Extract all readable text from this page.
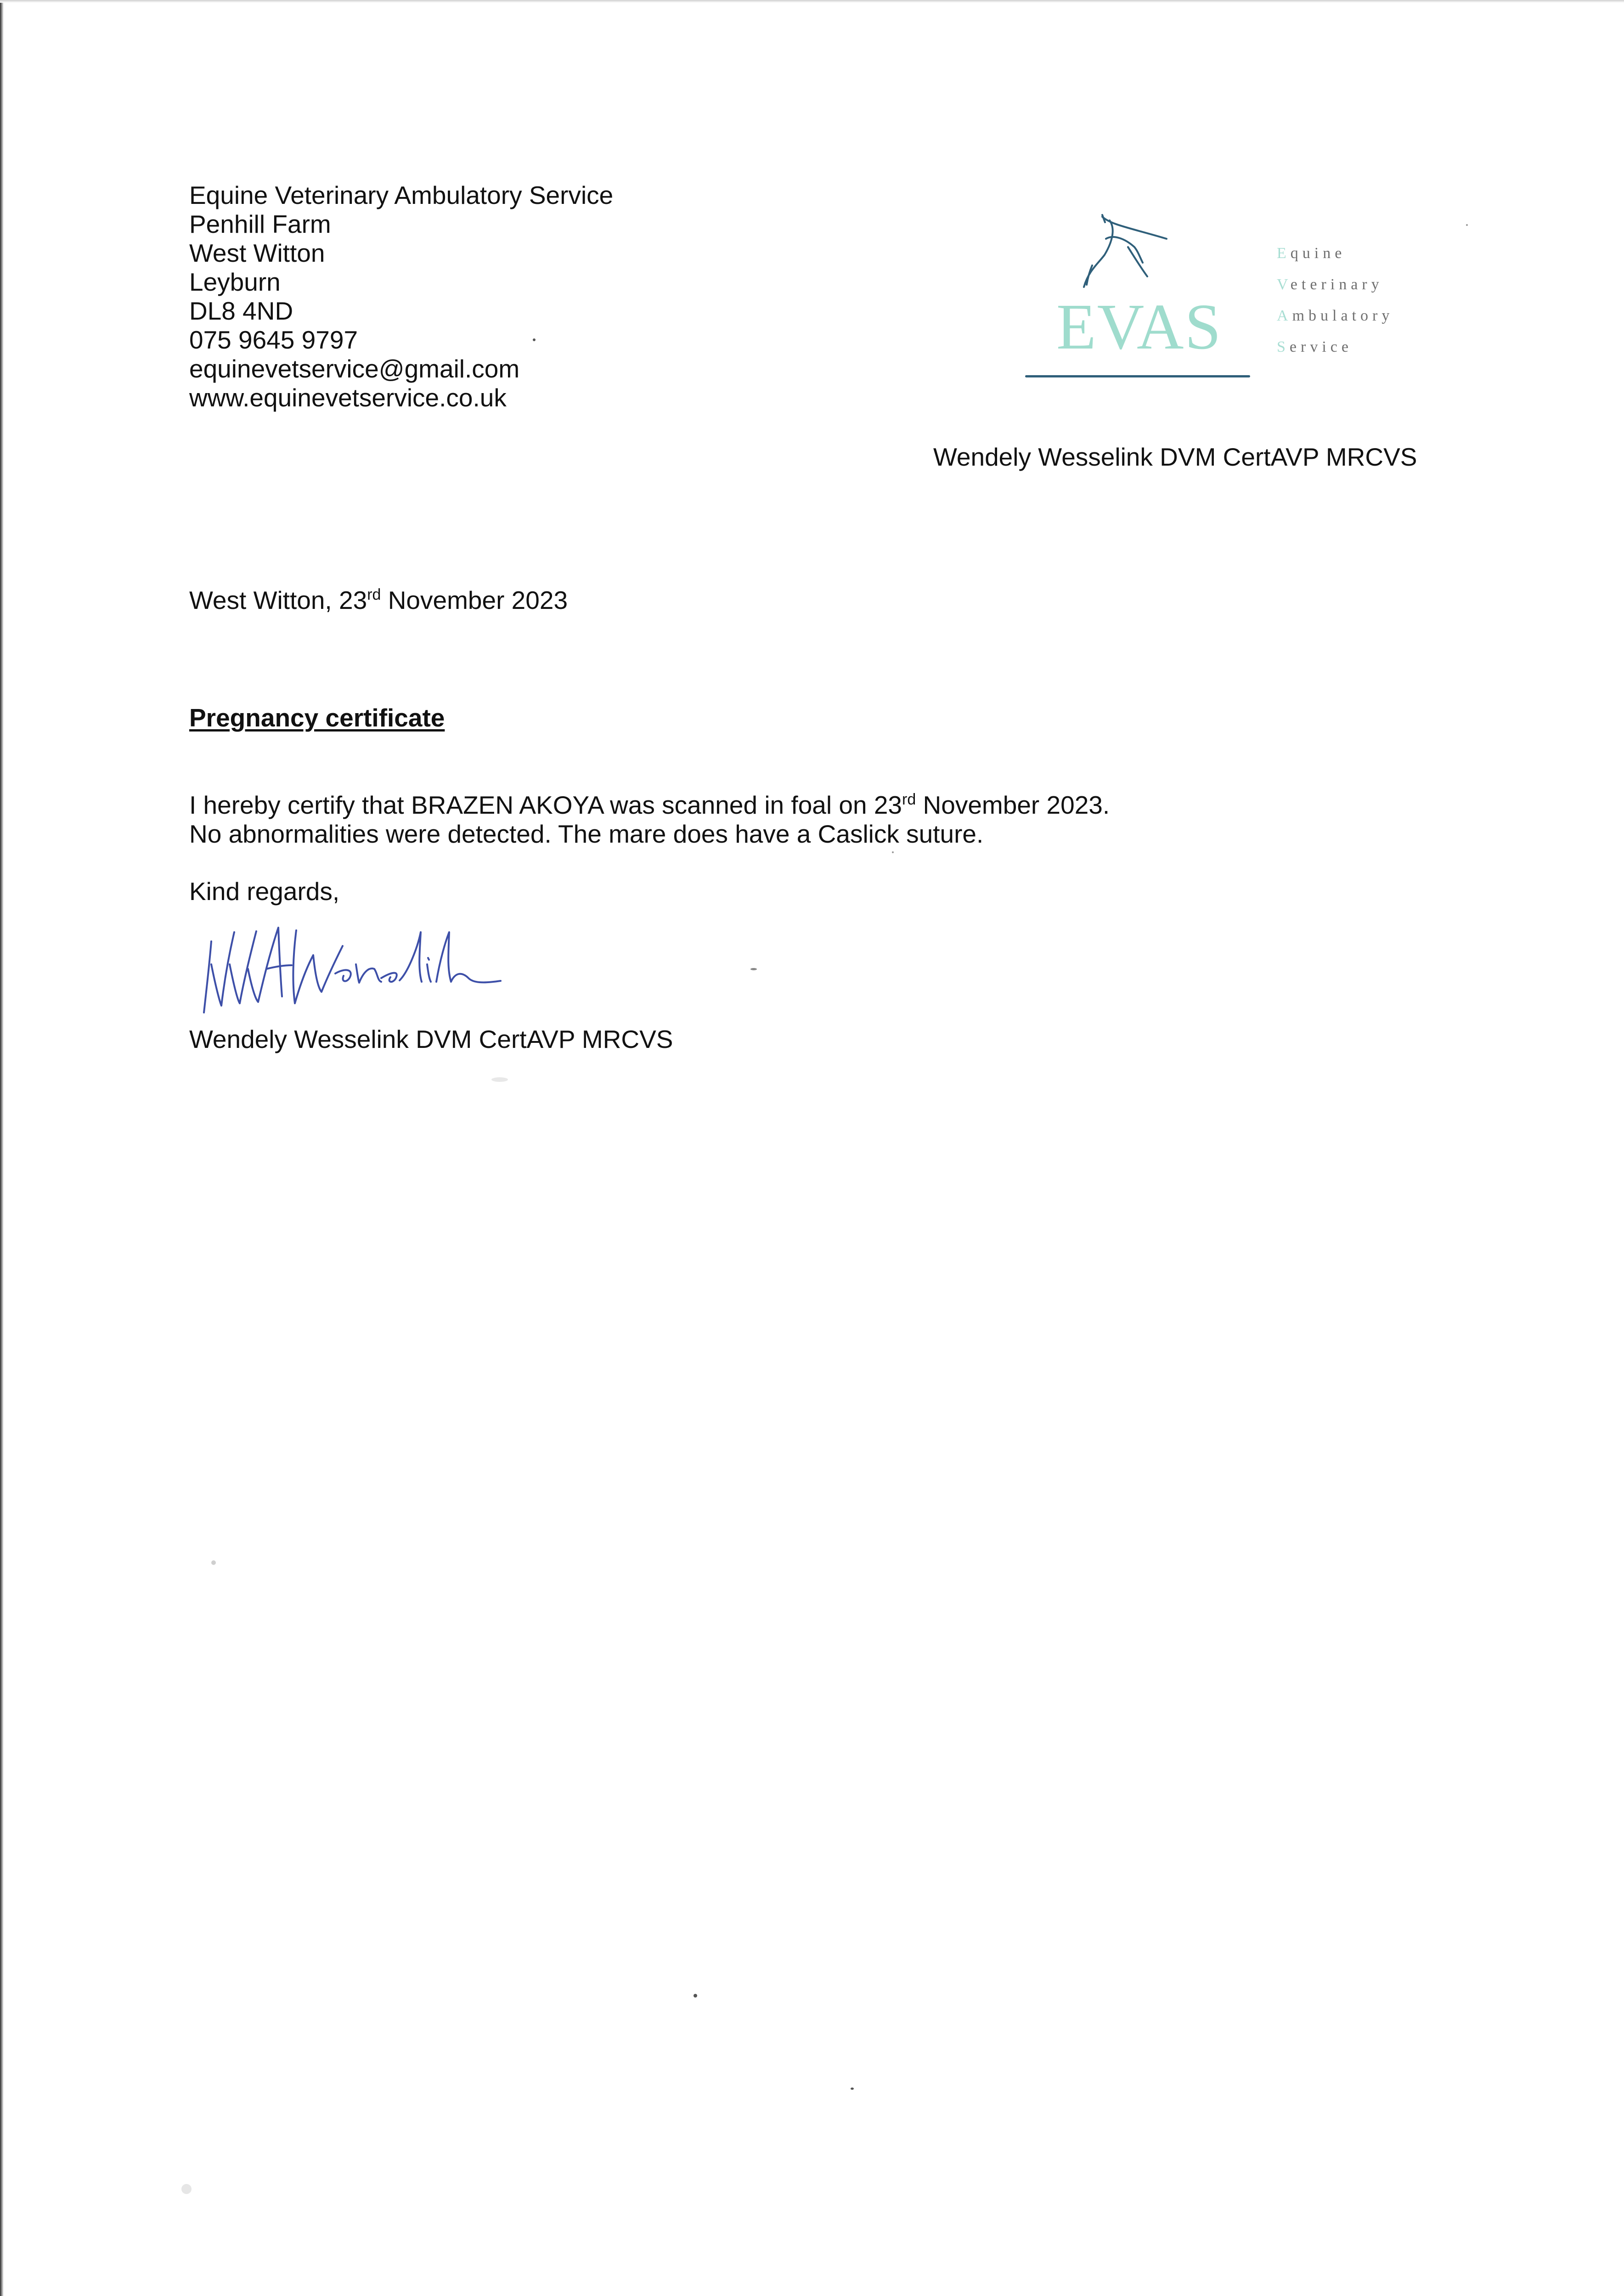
Equine Veterinary Ambulatory Service
Penhill Farm
West Witton
Leyburn
DL8 4ND
075 9645 9797
equinevetservice@gmail.com
www.equinevetservice.co.uk
EVAS
Equine
Veterinary
Ambulatory
Service
Wendely Wesselink DVM CertAVP MRCVS
West Witton, 23rd November 2023
Pregnancy certificate
I hereby certify that BRAZEN AKOYA was scanned in foal on 23rd November 2023.
No abnormalities were detected. The mare does have a Caslick suture.
Kind regards,
Wendely Wesselink DVM CertAVP MRCVS
